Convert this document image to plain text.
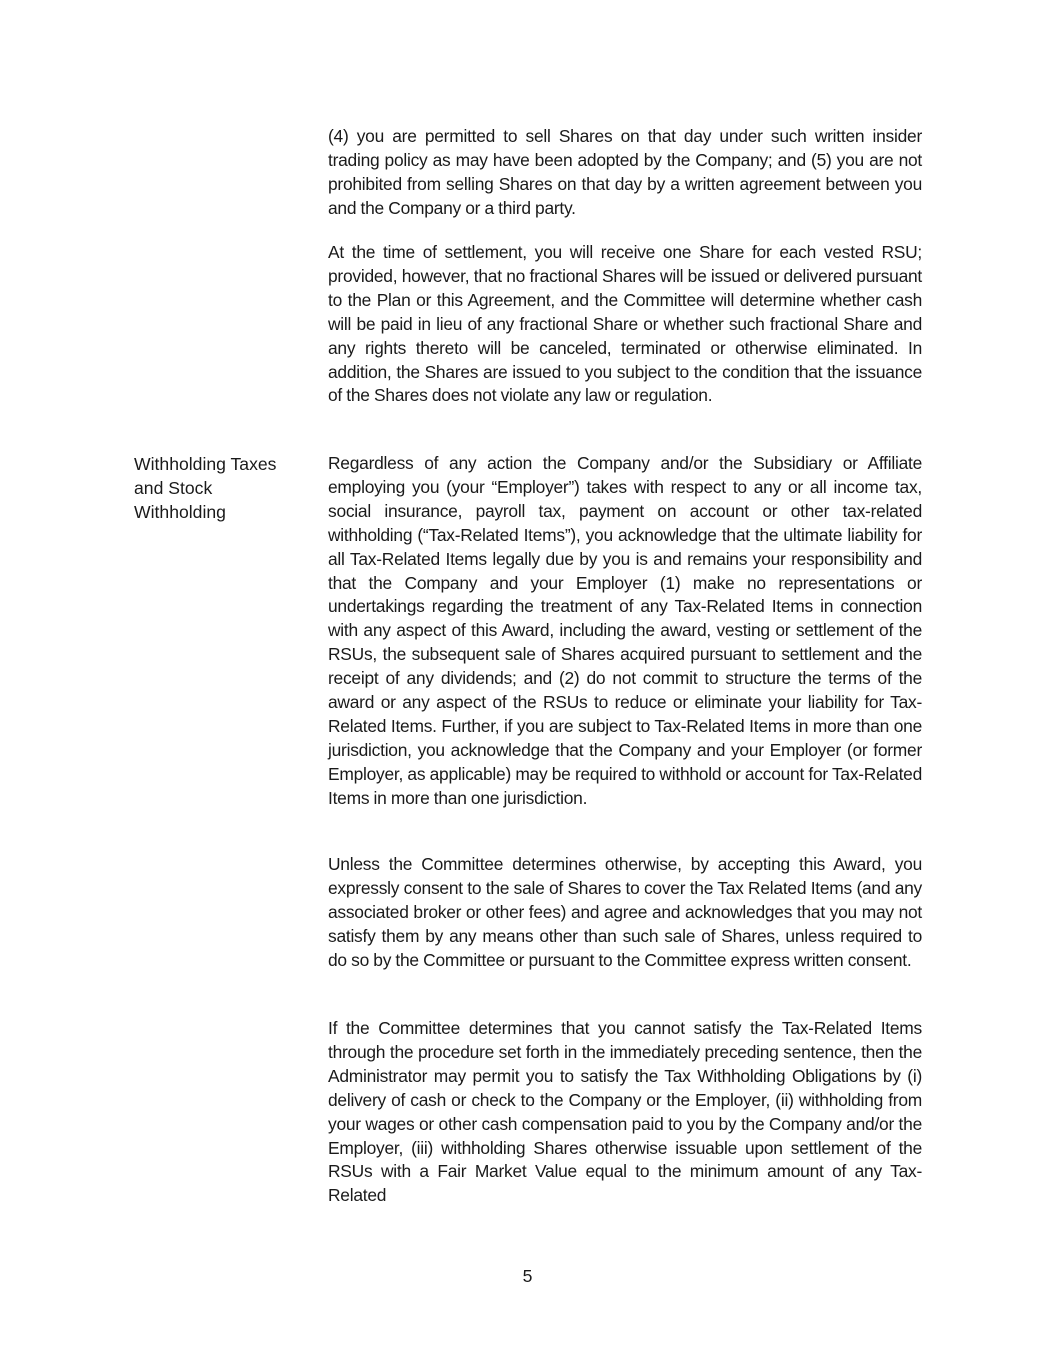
(4) you are permitted to sell Shares on that day under such written insider trading policy as may have been adopted by the Company; and (5) you are not prohibited from selling Shares on that day by a written agreement between you and the Company or a third party.

At the time of settlement, you will receive one Share for each vested RSU; provided, however, that no fractional Shares will be issued or delivered pursuant to the Plan or this Agreement, and the Committee will determine whether cash will be paid in lieu of any fractional Share or whether such fractional Share and any rights thereto will be canceled, terminated or otherwise eliminated. In addition, the Shares are issued to you subject to the condition that the issuance of the Shares does not violate any law or regulation.

Withholding Taxes
and Stock
Withholding

Regardless of any action the Company and/or the Subsidiary or Affiliate employing you (your “Employer”) takes with respect to any or all income tax, social insurance, payroll tax, payment on account or other tax-related withholding (“Tax-Related Items”), you acknowledge that the ultimate liability for all Tax-Related Items legally due by you is and remains your responsibility and that the Company and your Employer (1) make no representations or undertakings regarding the treatment of any Tax-Related Items in connection with any aspect of this Award, including the award, vesting or settlement of the RSUs, the subsequent sale of Shares acquired pursuant to settlement and the receipt of any dividends; and (2) do not commit to structure the terms of the award or any aspect of the RSUs to reduce or eliminate your liability for Tax-Related Items. Further, if you are subject to Tax-Related Items in more than one jurisdiction, you acknowledge that the Company and your Employer (or former Employer, as applicable) may be required to withhold or account for Tax-Related Items in more than one jurisdiction.

Unless the Committee determines otherwise, by accepting this Award, you expressly consent to the sale of Shares to cover the Tax Related Items (and any associated broker or other fees) and agree and acknowledges that you may not satisfy them by any means other than such sale of Shares, unless required to do so by the Committee or pursuant to the Committee express written consent.

If the Committee determines that you cannot satisfy the Tax-Related Items through the procedure set forth in the immediately preceding sentence, then the Administrator may permit you to satisfy the Tax Withholding Obligations by (i) delivery of cash or check to the Company or the Employer, (ii) withholding from your wages or other cash compensation paid to you by the Company and/or the Employer, (iii) withholding Shares otherwise issuable upon settlement of the RSUs with a Fair Market Value equal to the minimum amount of any Tax-Related

5
